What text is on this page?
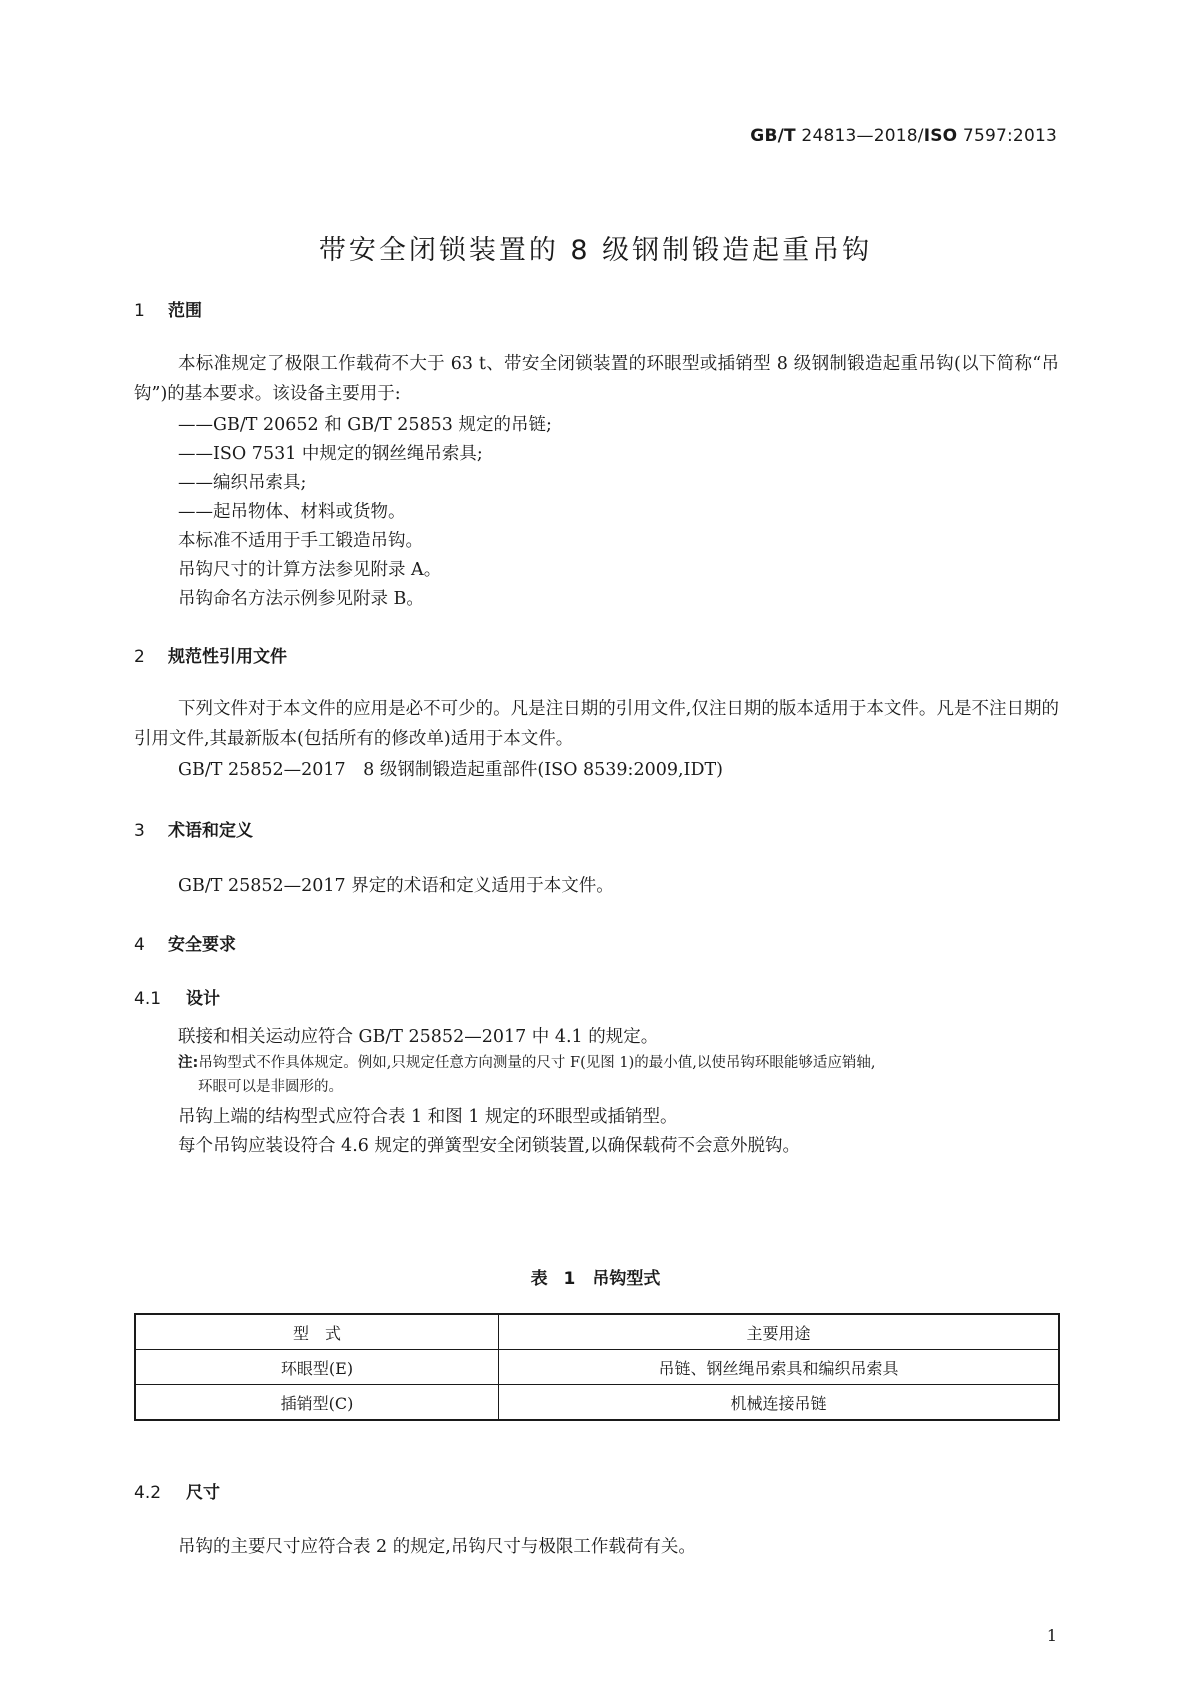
GB/T 24813—2018/ISO 7597:2013
带安全闭锁装置的 8 级钢制锻造起重吊钩
1 范围
本标准规定了极限工作载荷不大于 63 t、带安全闭锁装置的环眼型或插销型 8 级钢制锻造起重吊钩(以下简称“吊钩”)的基本要求。该设备主要用于:
——GB/T 20652 和 GB/T 25853 规定的吊链;
——ISO 7531 中规定的钢丝绳吊索具;
——编织吊索具;
——起吊物体、材料或货物。
本标准不适用于手工锻造吊钩。
吊钩尺寸的计算方法参见附录 A。
吊钩命名方法示例参见附录 B。
2 规范性引用文件
下列文件对于本文件的应用是必不可少的。凡是注日期的引用文件,仅注日期的版本适用于本文件。凡是不注日期的引用文件,其最新版本(包括所有的修改单)适用于本文件。
GB/T 25852—2017　8 级钢制锻造起重部件(ISO 8539:2009,IDT)
3 术语和定义
GB/T 25852—2017 界定的术语和定义适用于本文件。
4 安全要求
4.1 设计
联接和相关运动应符合 GB/T 25852—2017 中 4.1 的规定。
注:吊钩型式不作具体规定。例如,只规定任意方向测量的尺寸 F(见图 1)的最小值,以使吊钩环眼能够适应销轴,
环眼可以是非圆形的。
吊钩上端的结构型式应符合表 1 和图 1 规定的环眼型或插销型。
每个吊钩应装设符合 4.6 规定的弹簧型安全闭锁装置,以确保载荷不会意外脱钩。
表 1　吊钩型式
型　式	主要用途
环眼型(E)	吊链、钢丝绳吊索具和编织吊索具
插销型(C)	机械连接吊链
4.2 尺寸
吊钩的主要尺寸应符合表 2 的规定,吊钩尺寸与极限工作载荷有关。
1
